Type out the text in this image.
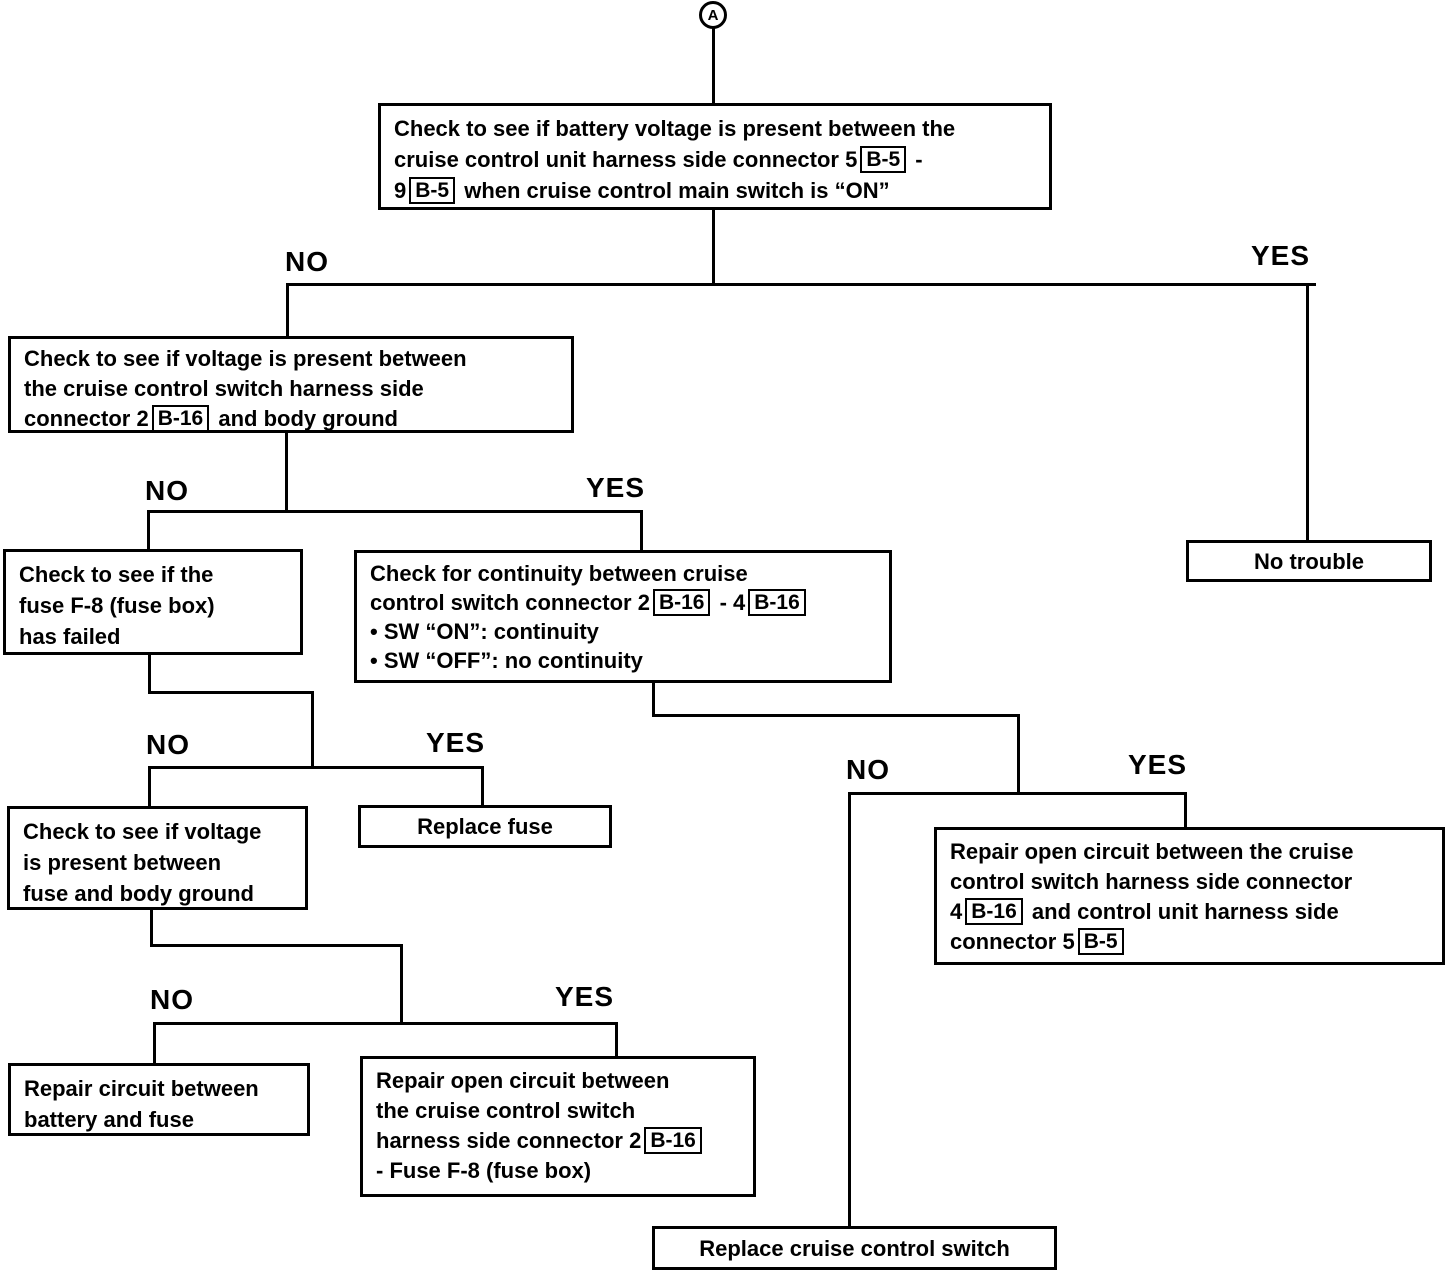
A
NO	YES
NO	YES
NO	YES
NO	YES
NO	YES
Check to see if battery voltage is present between the
cruise control unit harness side connector 5 B-5 -
9 B-5 when cruise control main switch is “ON”
Check to see if voltage is present between
the cruise control switch harness side
connector 2 B-16 and body ground
No trouble
Check to see if the
fuse F-8 (fuse box)
has failed
Check for continuity between cruise
control switch connector 2 B-16 - 4 B-16
• SW “ON”: continuity
• SW “OFF”: no continuity
Check to see if voltage
is present between
fuse and body ground
Replace fuse
Repair circuit between
battery and fuse
Repair open circuit between
the cruise control switch
harness side connector 2 B-16
- Fuse F-8 (fuse box)
Repair open circuit between the cruise
control switch harness side connector
4 B-16 and control unit harness side
connector 5 B-5
Replace cruise control switch
